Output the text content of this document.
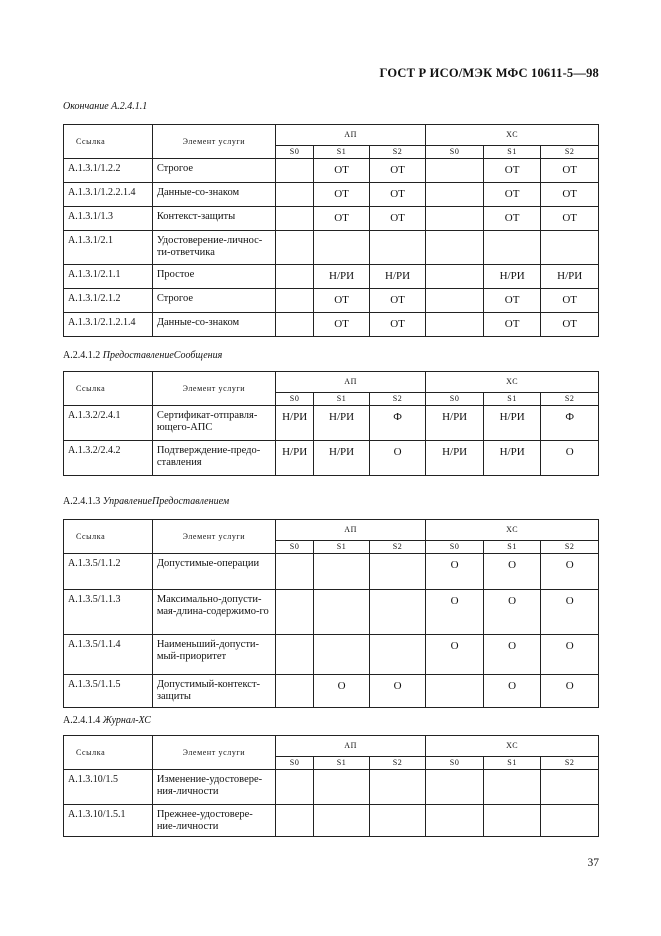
ГОСТ Р ИСО/МЭК МФС 10611-5—98
Окончание А.2.4.1.1
Ссылка	Элемент услуги	АП			ХС		
		S0	S1	S2	S0	S1	S2
A.1.3.1/1.2.2	Строгое		OT	OT		OT	OT
A.1.3.1/1.2.2.1.4	Данные-со-знаком		OT	OT		OT	OT
A.1.3.1/1.3	Контекст-защиты		OT	OT		OT	OT
A.1.3.1/2.1	Удостоверение-личнос-ти-ответчика						
A.1.3.1/2.1.1	Простое		Н/РИ	Н/РИ		Н/РИ	Н/РИ
A.1.3.1/2.1.2	Строгое		OT	OT		OT	OT
A.1.3.1/2.1.2.1.4	Данные-со-знаком		OT	OT		OT	OT
A.2.4.1.2 ПредоставлениеСообщения
Ссылка	Элемент услуги	АП			ХС		
		S0	S1	S2	S0	S1	S2
A.1.3.2/2.4.1	Сертификат-отправля-ющего-АПС	Н/РИ	Н/РИ	Ф	Н/РИ	Н/РИ	Ф
A.1.3.2/2.4.2	Подтверждение-предо-ставления	Н/РИ	Н/РИ	О	Н/РИ	Н/РИ	О
A.2.4.1.3 УправлениеПредоставлением
Ссылка	Элемент услуги	АП			ХС		
		S0	S1	S2	S0	S1	S2
A.1.3.5/1.1.2	Допустимые-операции				О	О	О
A.1.3.5/1.1.3	Максимально-допусти-мая-длина-содержимо-го				О	О	О
A.1.3.5/1.1.4	Наименьший-допусти-мый-приоритет				О	О	О
A.1.3.5/1.1.5	Допустимый-контекст-защиты		О	О		О	О
A.2.4.1.4 Журнал-ХС
Ссылка	Элемент услуги	АП			ХС		
		S0	S1	S2	S0	S1	S2
A.1.3.10/1.5	Изменение-удостовере-ния-личности						
A.1.3.10/1.5.1	Прежнее-удостовере-ние-личности						
37
